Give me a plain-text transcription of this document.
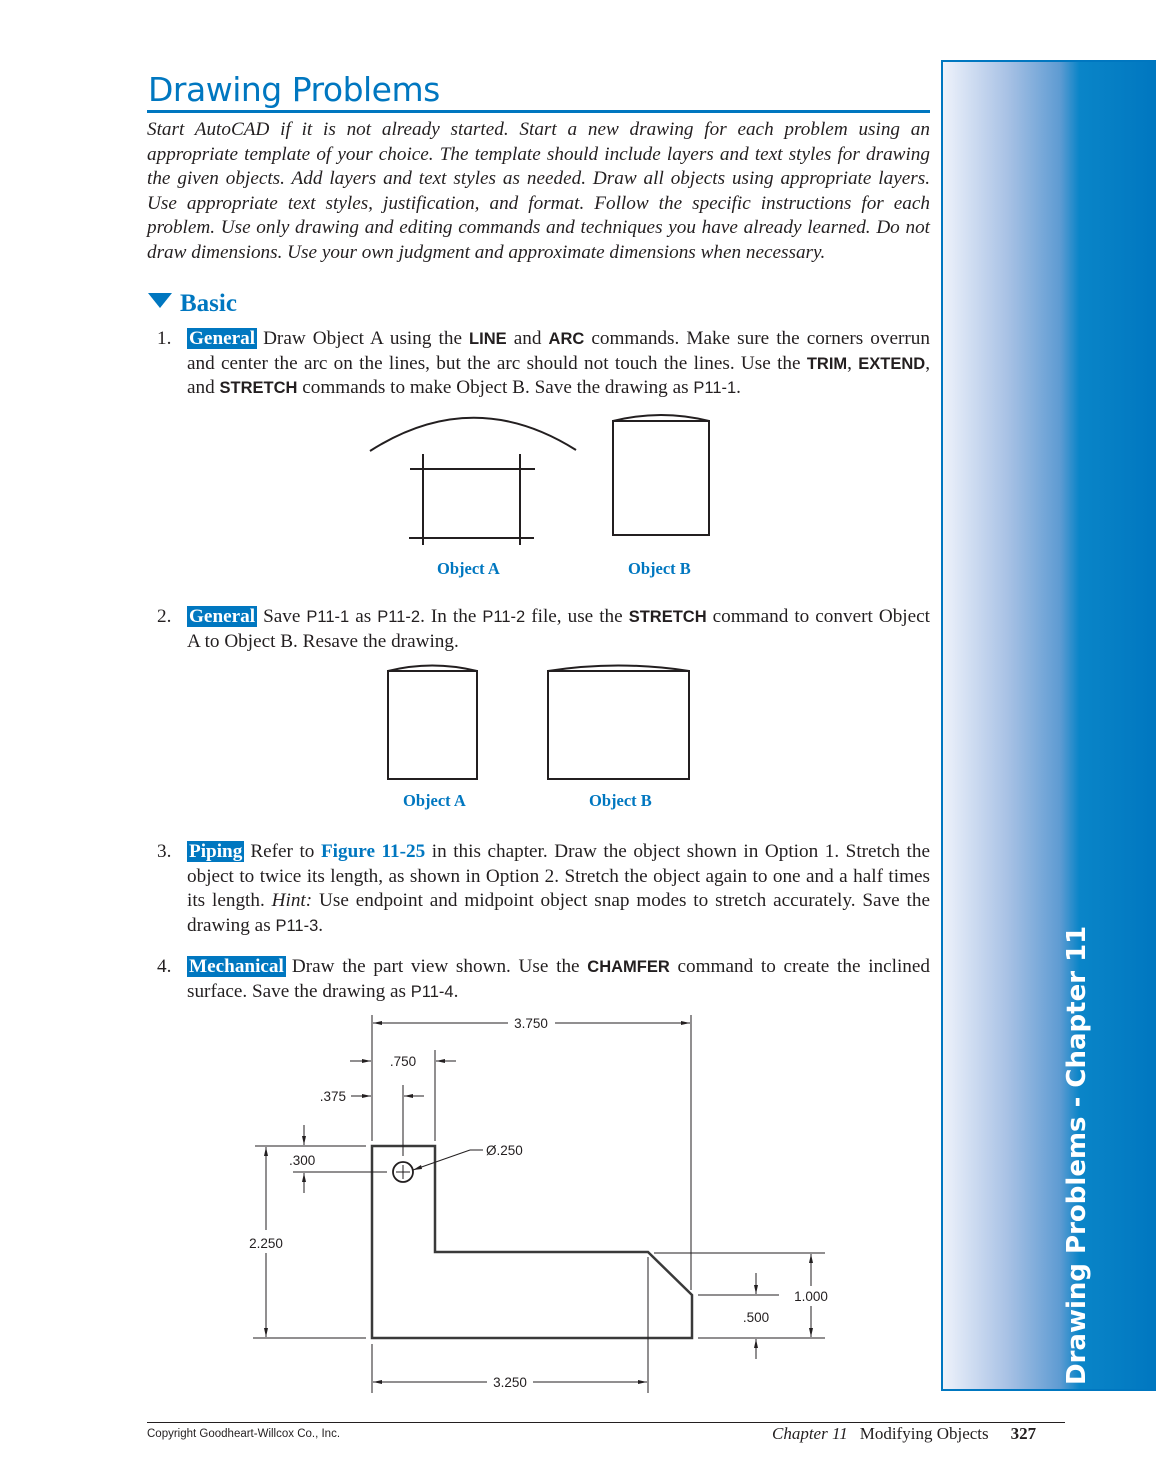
Drawing Problems
Start AutoCAD if it is not already started. Start a new drawing for each problem using an appropriate template of your choice. The template should include layers and text styles for drawing the given objects. Add layers and text styles as needed. Draw all objects using appropriate layers. Use appropriate text styles, justification, and format. Follow the specific instructions for each problem. Use only drawing and editing commands and techniques you have already learned. Do not draw dimensions. Use your own judgment and approximate dimensions when necessary.
Basic
1. General Draw Object A using the LINE and ARC commands. Make sure the corners overrun and center the arc on the lines, but the arc should not touch the lines. Use the TRIM, EXTEND, and STRETCH commands to make Object B. Save the drawing as P11-1.
3.750
.750
.375
.300
Ø.250
2.250
3.250
1.000
.500
Object A	Object B
2. General Save P11-1 as P11-2. In the P11-2 file, use the STRETCH command to convert Object A to Object B. Resave the drawing.
Object A	Object B
3. Piping Refer to Figure 11-25 in this chapter. Draw the object shown in Option 1. Stretch the object to twice its length, as shown in Option 2. Stretch the object again to one and a half times its length. Hint: Use endpoint and midpoint object snap modes to stretch accurately. Save the drawing as P11-3.
4. Mechanical Draw the part view shown. Use the CHAMFER command to create the inclined surface. Save the drawing as P11-4.	Drawing Problems - Chapter 11
Copyright Goodheart-Willcox Co., Inc.	Chapter 11 Modifying Objects 327
